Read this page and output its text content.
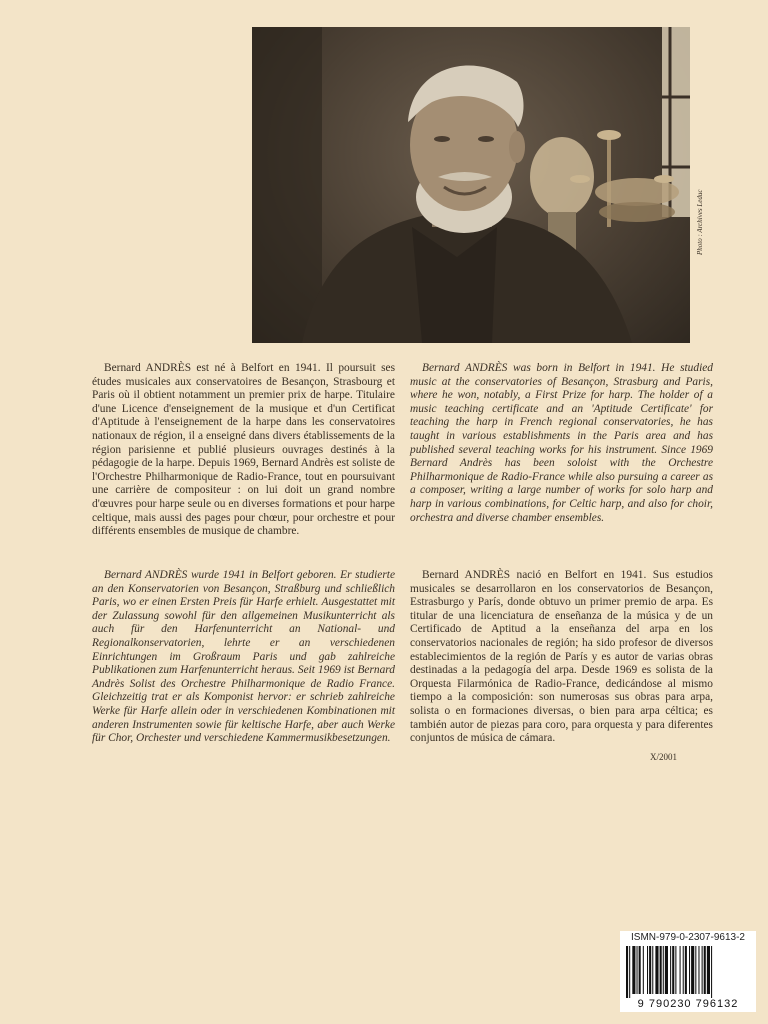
Photo : Archives Leduc

Bernard ANDRÈS est né à Belfort en 1941. Il poursuit ses études musicales aux conservatoires de Besançon, Strasbourg et Paris où il obtient notamment un premier prix de harpe. Titulaire d'une Licence d'enseignement de la musique et d'un Certificat d'Aptitude à l'enseignement de la harpe dans les conservatoires nationaux de région, il a enseigné dans divers établissements de la région parisienne et publié plusieurs ouvrages destinés à la pédagogie de la harpe. Depuis 1969, Bernard Andrès est soliste de l'Orchestre Philharmonique de Radio-France, tout en poursuivant une carrière de compositeur : on lui doit un grand nombre d'œuvres pour harpe seule ou en diverses formations et pour harpe celtique, mais aussi des pages pour chœur, pour orchestre et pour différents ensembles de musique de chambre.

Bernard ANDRÈS was born in Belfort in 1941. He studied music at the conservatories of Besançon, Strasburg and Paris, where he won, notably, a First Prize for harp. The holder of a music teaching certificate and an 'Aptitude Certificate' for teaching the harp in French regional conservatories, he has taught in various establishments in the Paris area and has published several teaching works for his instrument. Since 1969 Bernard Andrès has been soloist with the Orchestre Philharmonique de Radio-France while also pursuing a career as a composer, writing a large number of works for solo harp and harp in various combinations, for Celtic harp, and also for choir, orchestra and diverse chamber ensembles.

Bernard ANDRÈS wurde 1941 in Belfort geboren. Er studierte an den Konservatorien von Besançon, Straßburg und schließlich Paris, wo er einen Ersten Preis für Harfe erhielt. Ausgestattet mit der Zulassung sowohl für den allgemeinen Musikunterricht als auch für den Harfenunterricht an National- und Regionalkonservatorien, lehrte er an verschiedenen Einrichtungen im Großraum Paris und gab zahlreiche Publikationen zum Harfenunterricht heraus. Seit 1969 ist Bernard Andrès Solist des Orchestre Philharmonique de Radio France. Gleichzeitig trat er als Komponist hervor: er schrieb zahlreiche Werke für Harfe allein oder in verschiedenen Kombinationen mit anderen Instrumenten sowie für keltische Harfe, aber auch Werke für Chor, Orchester und verschiedene Kammermusikbesetzungen.

Bernard ANDRÈS nació en Belfort en 1941. Sus estudios musicales se desarrollaron en los conservatorios de Besançon, Estrasburgo y París, donde obtuvo un primer premio de arpa. Es titular de una licenciatura de enseñanza de la música y de un Certificado de Aptitud a la enseñanza del arpa en los conservatorios nacionales de región; ha sido profesor de diversos establecimientos de la región de París y es autor de varias obras destinadas a la pedagogía del arpa. Desde 1969 es solista de la Orquesta Filarmónica de Radio-France, dedicándose al mismo tiempo a la composición: son numerosas sus obras para arpa, solista o en formaciones diversas, o bien para arpa céltica; es también autor de piezas para coro, para orquesta y para diferentes conjuntos de música de cámara.

X/2001
ISMN-979-0-2307-9613-2
9 790230 796132
